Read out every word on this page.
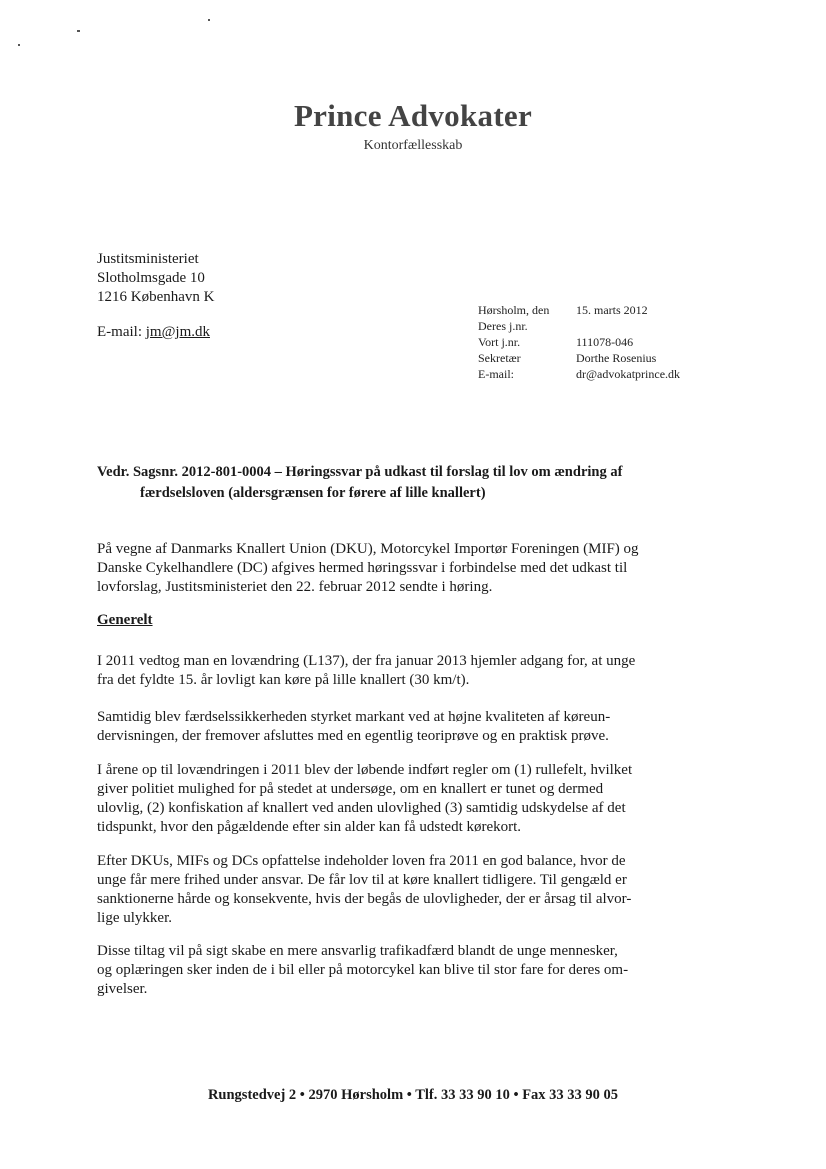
Prince Advokater
Kontorfællesskab
Justitsministeriet
Slotholmsgade 10
1216 København K
E-mail: jm@jm.dk
Hørsholm, den	15. marts 2012
Deres j.nr.
Vort j.nr.	111078-046
Sekretær	Dorthe Rosenius
E-mail:	dr@advokatprince.dk
Vedr. Sagsnr. 2012-801-0004 – Høringssvar på udkast til forslag til lov om ændring af
færdselsloven (aldersgrænsen for førere af lille knallert)
På vegne af Danmarks Knallert Union (DKU), Motorcykel Importør Foreningen (MIF) og
Danske Cykelhandlere (DC) afgives hermed høringssvar i forbindelse med det udkast til
lovforslag, Justitsministeriet den 22. februar 2012 sendte i høring.
Generelt
I 2011 vedtog man en lovændring (L137), der fra januar 2013 hjemler adgang for, at unge
fra det fyldte 15. år lovligt kan køre på lille knallert (30 km/t).
Samtidig blev færdselssikkerheden styrket markant ved at højne kvaliteten af køreun-
dervisningen, der fremover afsluttes med en egentlig teoriprøve og en praktisk prøve.
I årene op til lovændringen i 2011 blev der løbende indført regler om (1) rullefelt, hvilket
giver politiet mulighed for på stedet at undersøge, om en knallert er tunet og dermed
ulovlig, (2) konfiskation af knallert ved anden ulovlighed (3) samtidig udskydelse af det
tidspunkt, hvor den pågældende efter sin alder kan få udstedt kørekort.
Efter DKUs, MIFs og DCs opfattelse indeholder loven fra 2011 en god balance, hvor de
unge får mere frihed under ansvar. De får lov til at køre knallert tidligere. Til gengæld er
sanktionerne hårde og konsekvente, hvis der begås de ulovligheder, der er årsag til alvor-
lige ulykker.
Disse tiltag vil på sigt skabe en mere ansvarlig trafikadfærd blandt de unge mennesker,
og oplæringen sker inden de i bil eller på motorcykel kan blive til stor fare for deres om-
givelser.
Rungstedvej 2 • 2970 Hørsholm • Tlf. 33 33 90 10 • Fax 33 33 90 05
